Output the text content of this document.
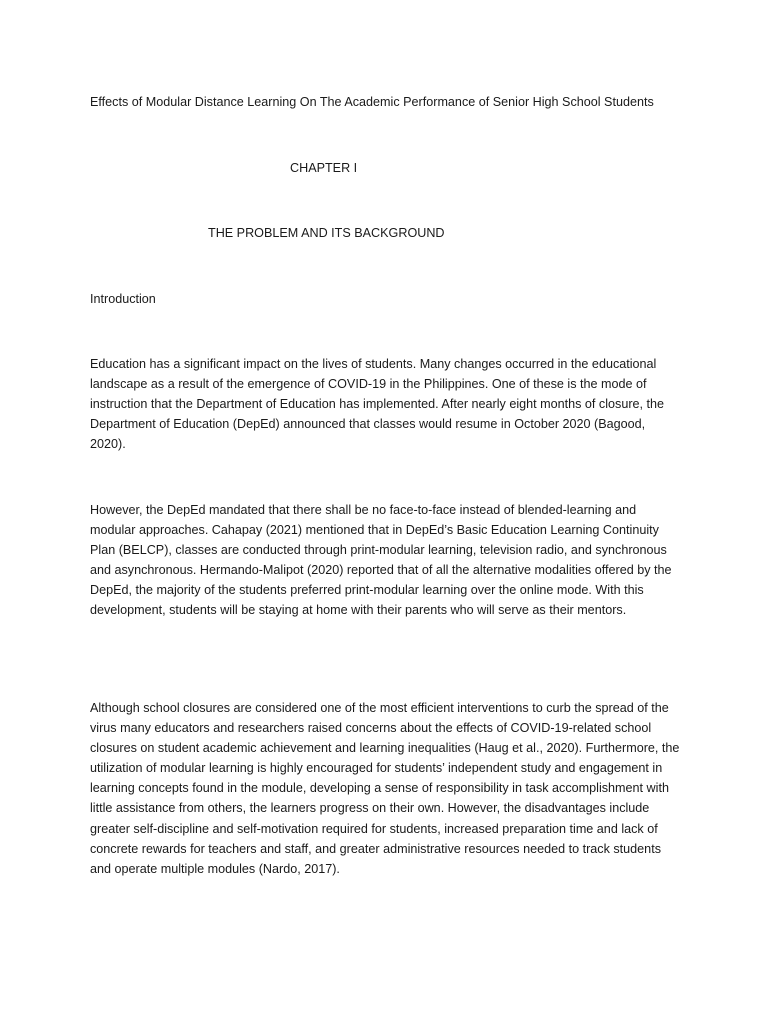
Effects of Modular Distance Learning On The Academic Performance of Senior High School Students
CHAPTER I
THE PROBLEM AND ITS BACKGROUND
Introduction
Education has a significant impact on the lives of students. Many changes occurred in the educational landscape as a result of the emergence of COVID-19 in the Philippines. One of these is the mode of instruction that the Department of Education has implemented. After nearly eight months of closure, the Department of Education (DepEd) announced that classes would resume in October 2020 (Bagood, 2020).
However, the DepEd mandated that there shall be no face-to-face instead of blended-learning and modular approaches. Cahapay (2021) mentioned that in DepEd’s Basic Education Learning Continuity Plan (BELCP), classes are conducted through print-modular learning, television radio, and synchronous and asynchronous. Hermando-Malipot (2020) reported that of all the alternative modalities offered by the DepEd, the majority of the students preferred print-modular learning over the online mode. With this development, students will be staying at home with their parents who will serve as their mentors.
Although school closures are considered one of the most efficient interventions to curb the spread of the virus many educators and researchers raised concerns about the effects of COVID-19-related school closures on student academic achievement and learning inequalities (Haug et al., 2020). Furthermore, the utilization of modular learning is highly encouraged for students’ independent study and engagement in learning concepts found in the module, developing a sense of responsibility in task accomplishment with little assistance from others, the learners progress on their own. However, the disadvantages include greater self-discipline and self-motivation required for students, increased preparation time and lack of concrete rewards for teachers and staff, and greater administrative resources needed to track students and operate multiple modules (Nardo, 2017).
